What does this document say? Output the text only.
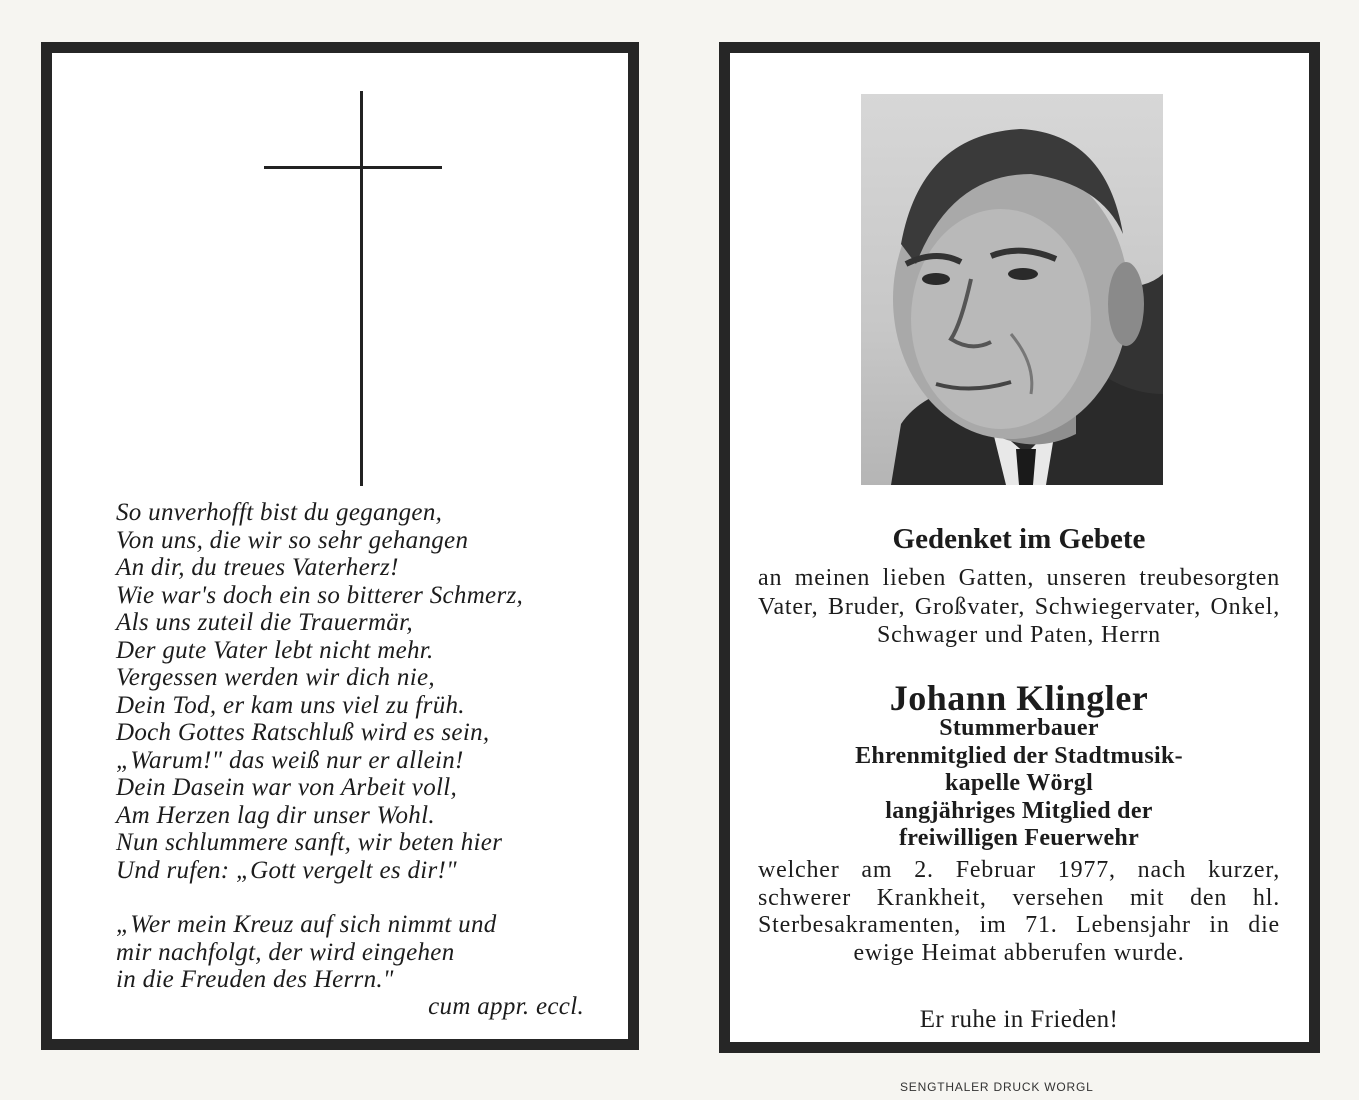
So unverhofft bist du gegangen,
Von uns, die wir so sehr gehangen
An dir, du treues Vaterherz!
Wie war's doch ein so bitterer Schmerz,
Als uns zuteil die Trauermär,
Der gute Vater lebt nicht mehr.
Vergessen werden wir dich nie,
Dein Tod, er kam uns viel zu früh.
Doch Gottes Ratschluß wird es sein,
„Warum!" das weiß nur er allein!
Dein Dasein war von Arbeit voll,
Am Herzen lag dir unser Wohl.
Nun schlummere sanft, wir beten hier
Und rufen: „Gott vergelt es dir!"
„Wer mein Kreuz auf sich nimmt und
mir nachfolgt, der wird eingehen
in die Freuden des Herrn."
cum appr. eccl.
Gedenket im Gebete
an meinen lieben Gatten, unseren treubesorgten Vater, Bruder, Großvater, Schwiegervater, Onkel, Schwager und Paten, Herrn
Johann Klingler
Stummerbauer
Ehrenmitglied der Stadtmusik-
kapelle Wörgl
langjähriges Mitglied der
freiwilligen Feuerwehr
welcher am 2. Februar 1977, nach kurzer, schwerer Krankheit, versehen mit den hl. Sterbesakramenten, im 71. Lebensjahr in die ewige Heimat abberufen wurde.
Er ruhe in Frieden!
SENGTHALER DRUCK WORGL
